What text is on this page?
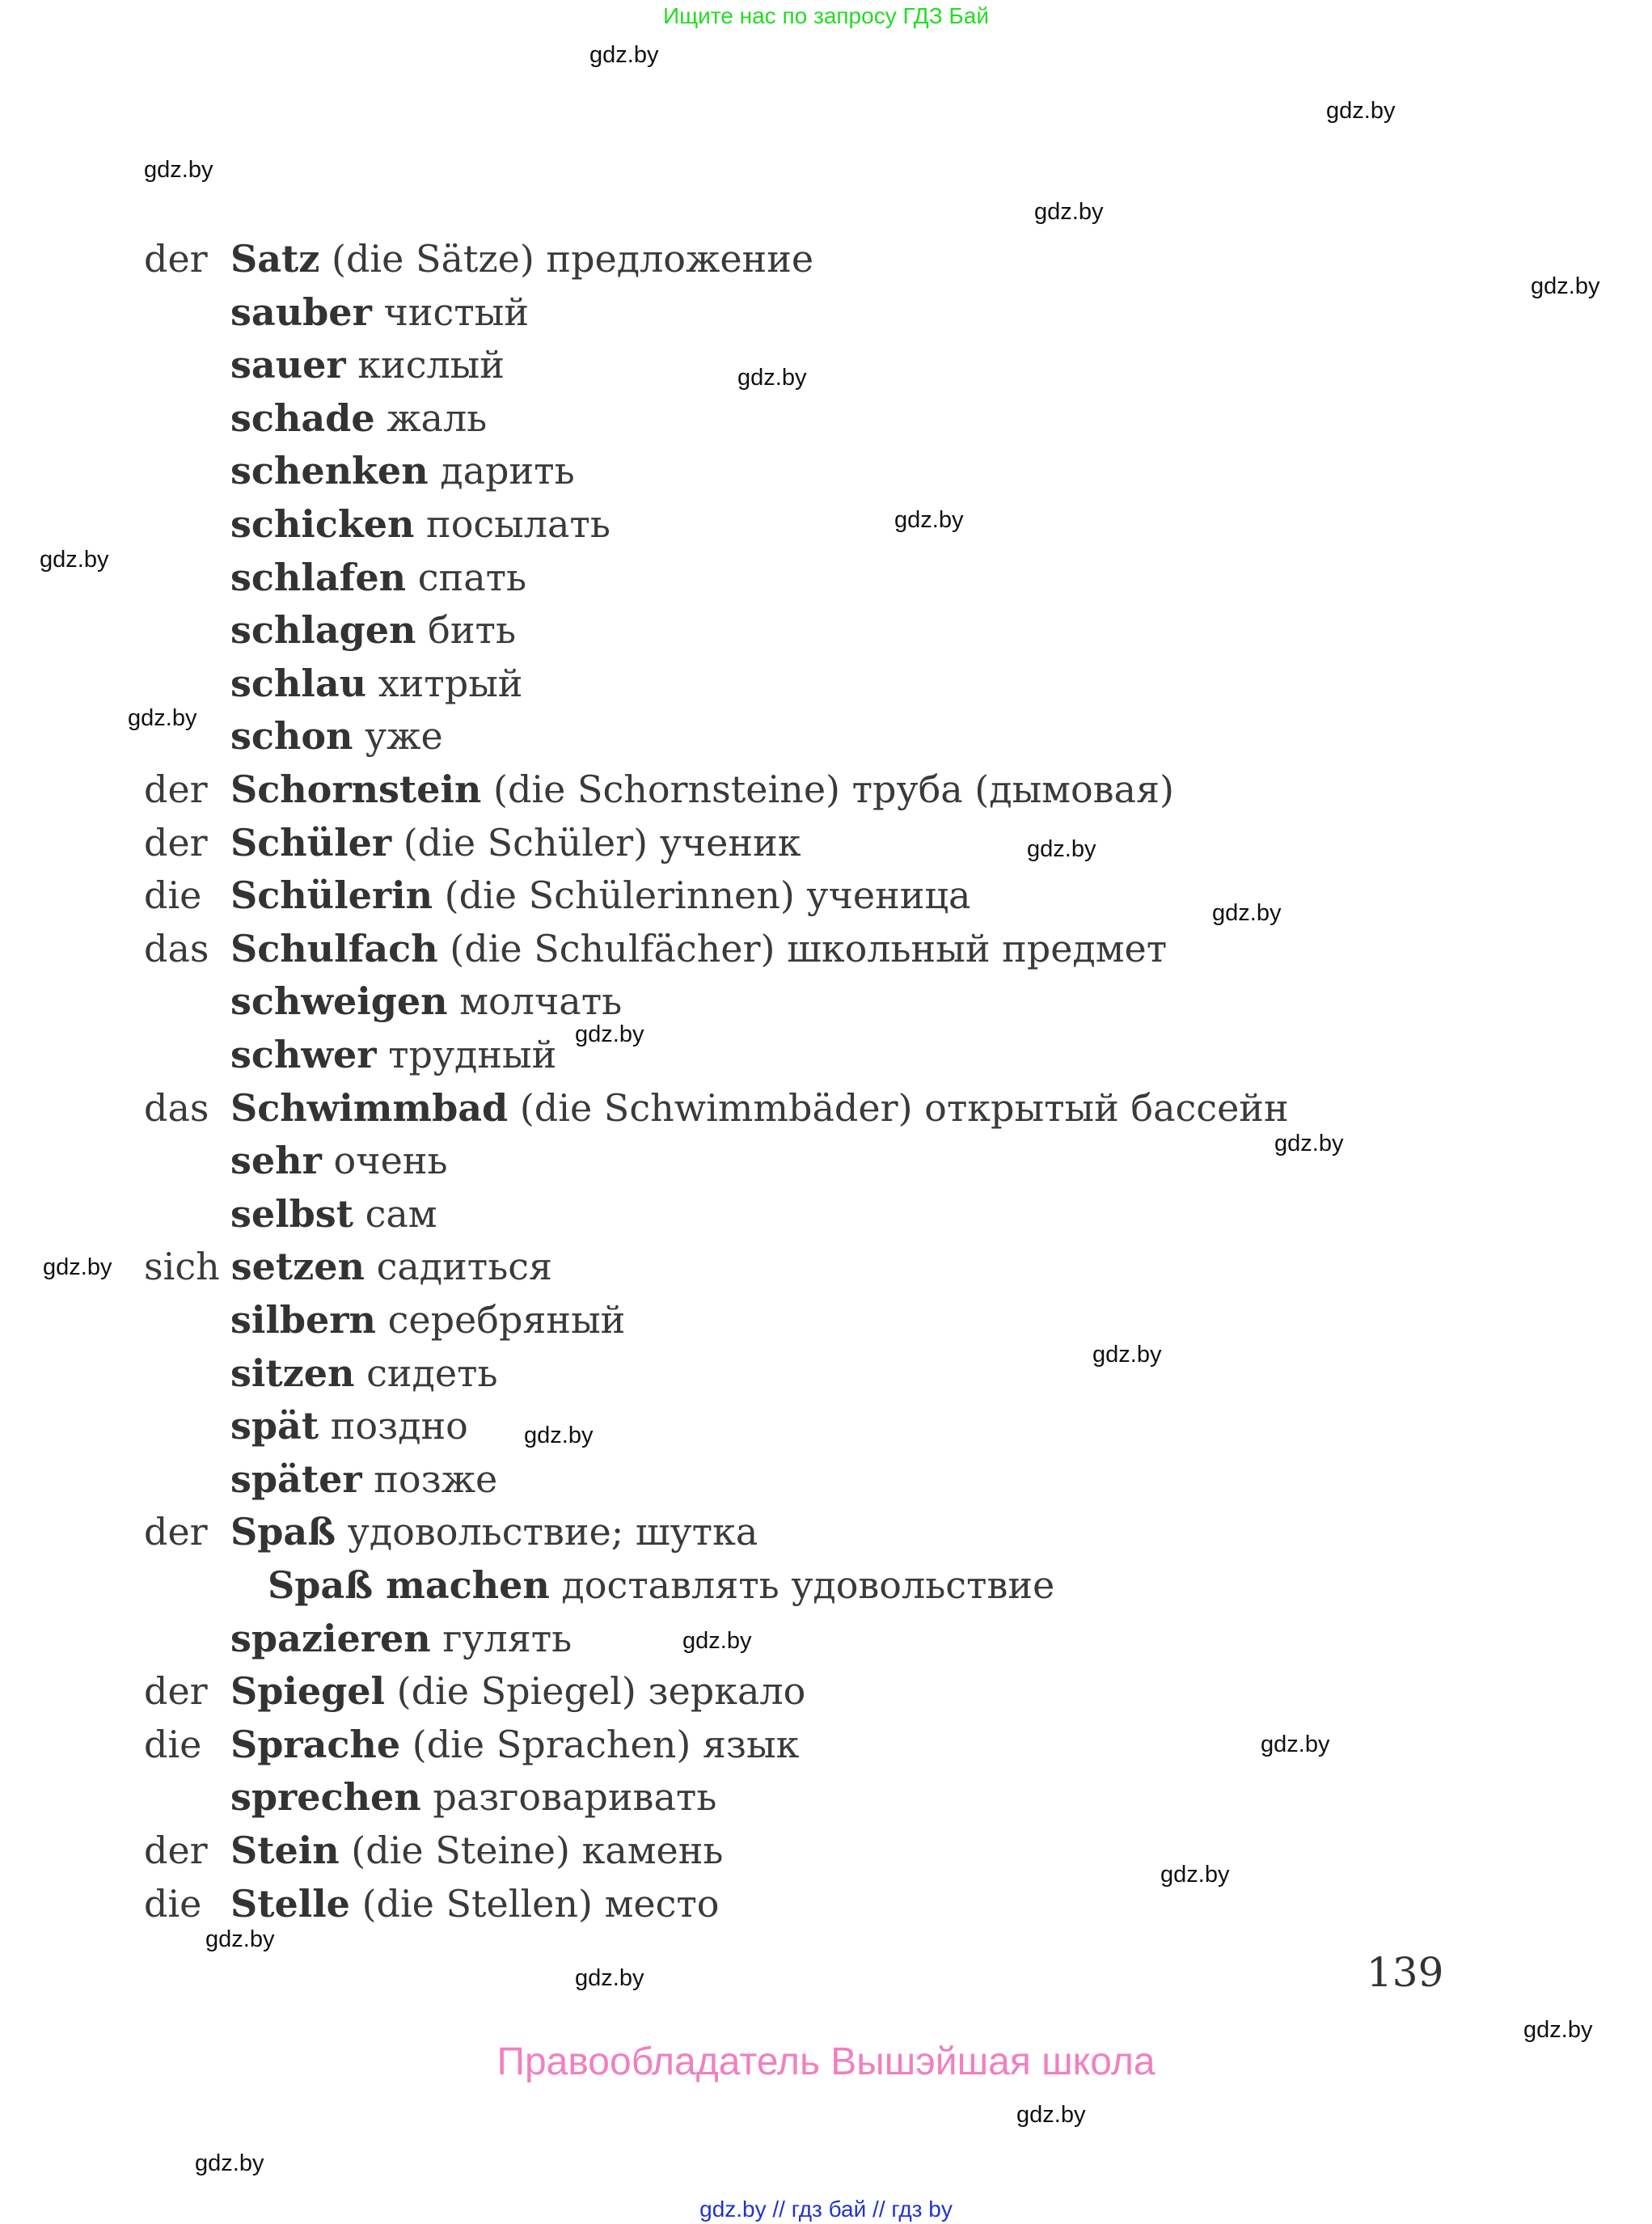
Ищите нас по запросу ГДЗ Бай
der Satz (die Sätze) предложение
sauber чистый
sauer кислый
schade жаль
schenken дарить
schicken посылать
schlafen спать
schlagen бить
schlau хитрый
schon уже
der Schornstein (die Schornsteine) труба (дымовая)
der Schüler (die Schüler) ученик
die Schülerin (die Schülerinnen) ученица
das Schulfach (die Schulfächer) школьный предмет
schweigen молчать
schwer трудный
das Schwimmbad (die Schwimmbäder) открытый бассейн
sehr очень
selbst сам
sich setzen садиться
silbern серебряный
sitzen сидеть
spät поздно
später позже
der Spaß удовольствие; шутка
Spaß machen доставлять удовольствие
spazieren гулять
der Spiegel (die Spiegel) зеркало
die Sprache (die Sprachen) язык
sprechen разговаривать
der Stein (die Steine) камень
die Stelle (die Stellen) место
gdz.by
gdz.by
gdz.by
gdz.by
gdz.by
gdz.by
gdz.by
gdz.by
gdz.by
gdz.by
gdz.by
gdz.by
gdz.by
gdz.by
gdz.by
gdz.by
gdz.by
gdz.by
gdz.by
gdz.by
gdz.by
gdz.by
gdz.by
gdz.by
139
Правообладатель Вышэйшая школа
gdz.by // гдз бай // гдз by
